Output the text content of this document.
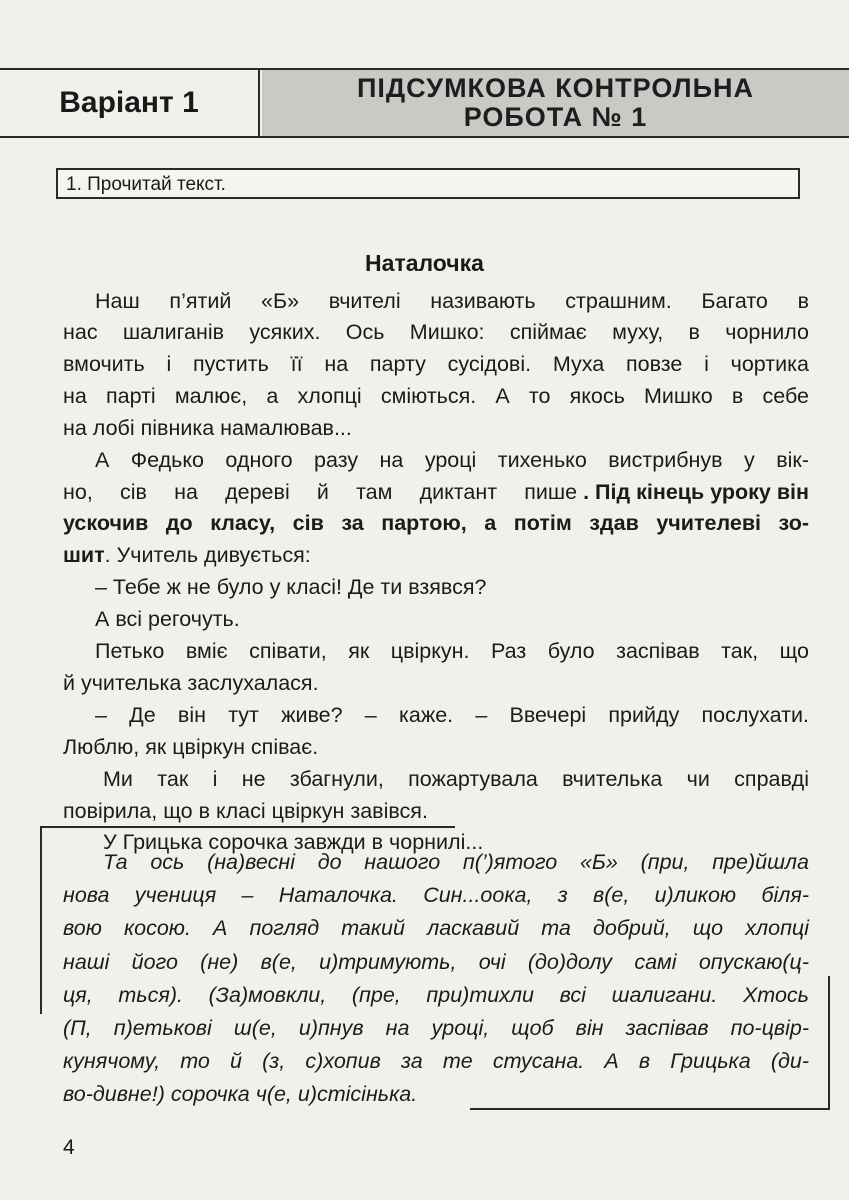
Варіант 1	ПІДСУМКОВА КОНТРОЛЬНА
РОБОТА № 1
1. Прочитай текст.
Наталочка
Наш п’ятий «Б» вчителі називають страшним. Багато в
нас шалиганів усяких. Ось Мишко: спіймає муху, в чорнило
вмочить і пустить її на парту сусідові. Муха повзе і чортика
на парті малює, а хлопці сміються. А то якось Мишко в себе
на лобі півника намалював...
А Федько одного разу на уроці тихенько вистрибнув у вік-
но, сів на дереві й там диктант пише . Під кінець уроку він
ускочив до класу, сів за партою, а потім здав учителеві зо-
шит. Учитель дивується:
– Тебе ж не було у класі! Де ти взявся?
А всі регочуть.
Петько вміє співати, як цвіркун. Раз було заспівав так, що
й учителька заслухалася.
– Де він тут живе? – каже. – Ввечері прийду послухати.
Люблю, як цвіркун співає.
Ми так і не збагнули, пожартувала вчителька чи справді
повірила, що в класі цвіркун завівся.
У Грицька сорочка завжди в чорнилі...
Та ось (на)весні до нашого п(’)ятого «Б» (при, пре)йшла
нова учениця – Наталочка. Син...оока, з в(е, и)ликою біля-
вою косою. А погляд такий ласкавий та добрий, що хлопці
наші його (не) в(е, и)тримують, очі (до)долу самі опускаю(ц-
ця, ться). (За)мовкли, (пре, при)тихли всі шалигани. Хтось
(П, п)етькові ш(е, и)пнув на уроці, щоб він заспівав по-цвір-
кунячому, то й (з, с)хопив за те стусана. А в Грицька (ди-
во-дивне!) сорочка ч(е, и)стісінька.
4
